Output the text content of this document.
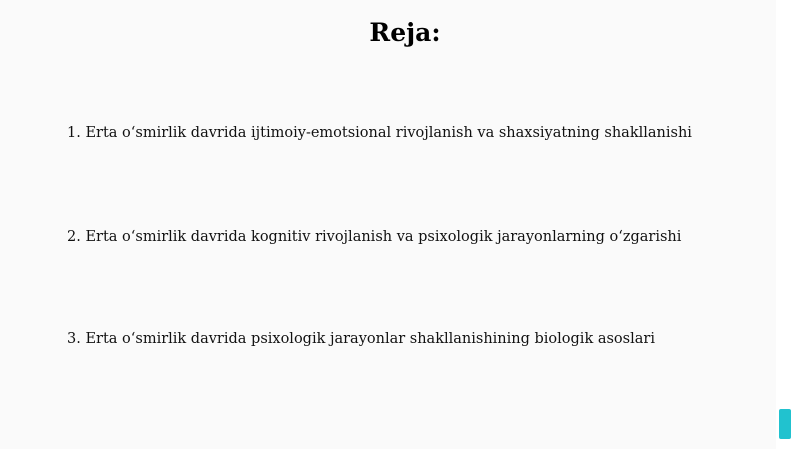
Reja:
1. Erta o‘smirlik davrida ijtimoiy-emotsional rivojlanish va shaxsiyatning shakllanishi
2. Erta o‘smirlik davrida kognitiv rivojlanish va psixologik jarayonlarning o‘zgarishi
3. Erta o‘smirlik davrida psixologik jarayonlar shakllanishining biologik asoslari
